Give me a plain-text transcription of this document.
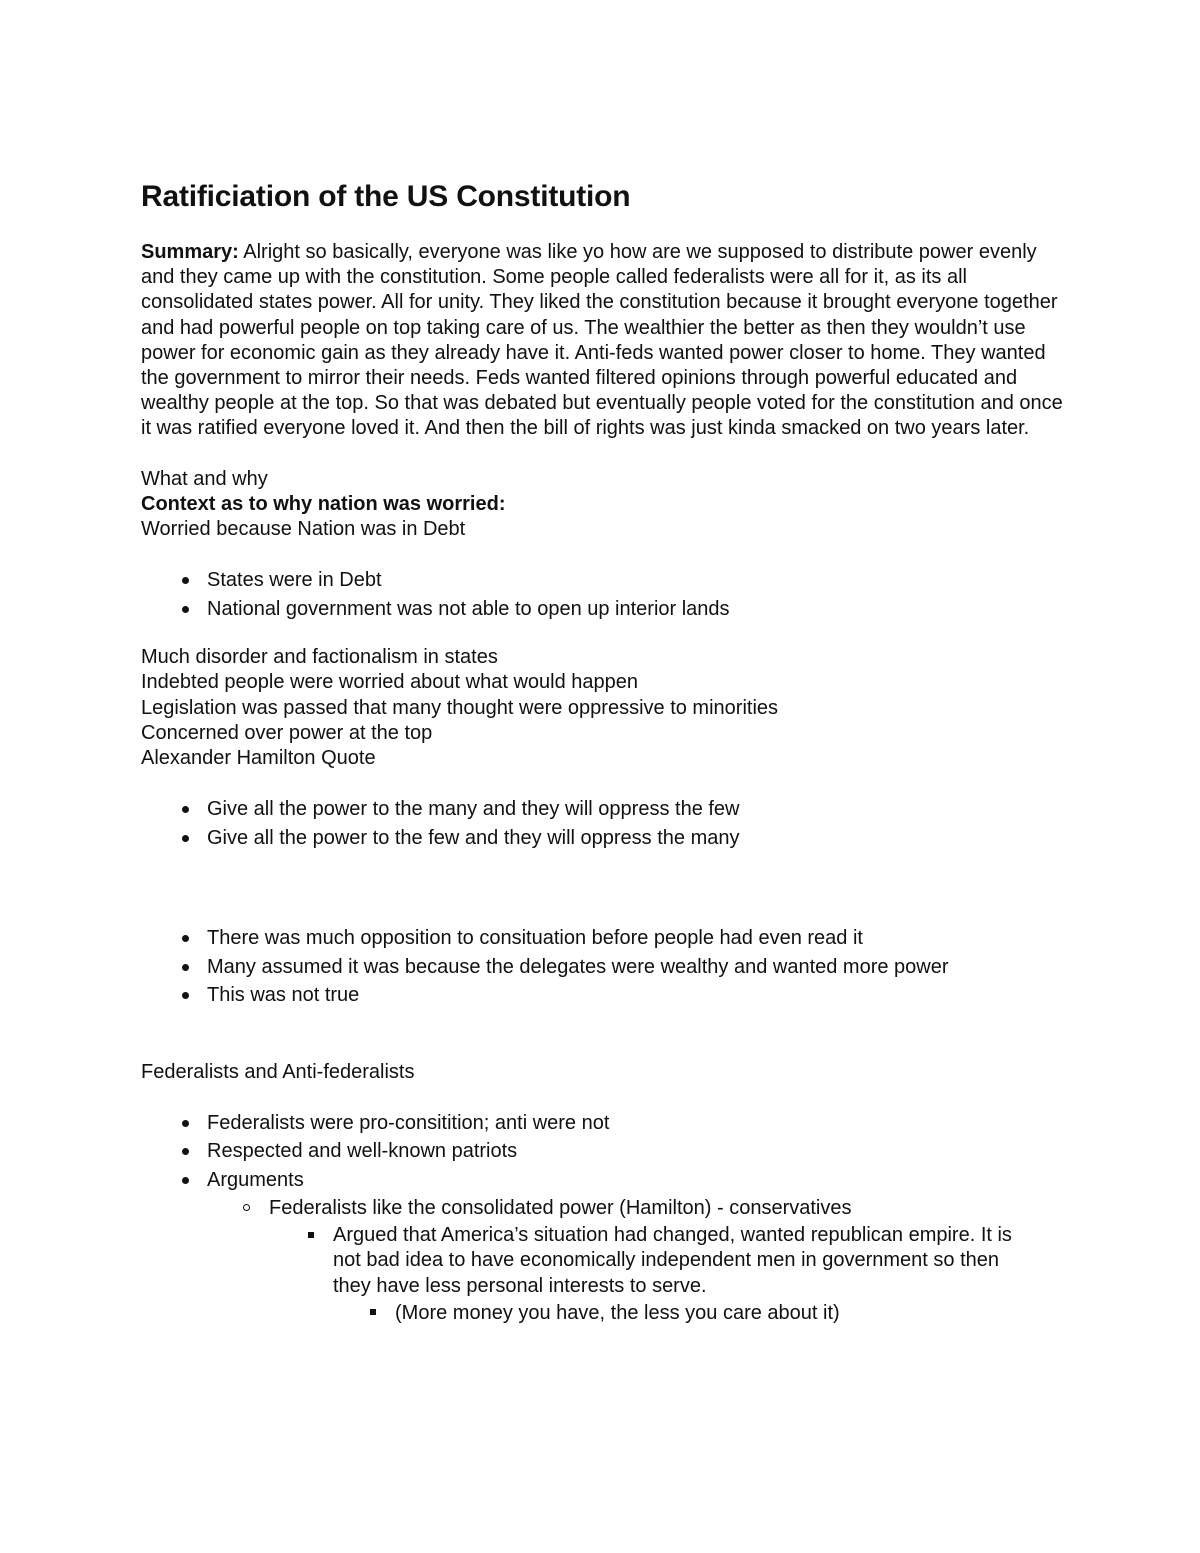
Ratificiation of the US Constitution

Summary: Alright so basically, everyone was like yo how are we supposed to distribute power evenly and they came up with the constitution. Some people called federalists were all for it, as its all consolidated states power. All for unity. They liked the constitution because it brought everyone together and had powerful people on top taking care of us. The wealthier the better as then they wouldn’t use power for economic gain as they already have it. Anti-feds wanted power closer to home. They wanted the government to mirror their needs. Feds wanted filtered opinions through powerful educated and wealthy people at the top. So that was debated but eventually people voted for the constitution and once it was ratified everyone loved it. And then the bill of rights was just kinda smacked on two years later.

What and why

Context as to why nation was worried:

Worried because Nation was in Debt

States were in Debt
National government was not able to open up interior lands

Much disorder and factionalism in states

Indebted people were worried about what would happen

Legislation was passed that many thought were oppressive to minorities

Concerned over power at the top

Alexander Hamilton Quote

Give all the power to the many and they will oppress the few
Give all the power to the few and they will oppress the many
There was much opposition to consituation before people had even read it
Many assumed it was because the delegates were wealthy and wanted more power
This was not true

Federalists and Anti-federalists

Federalists were pro-consitition; anti were not
Respected and well-known patriots
Arguments
Federalists like the consolidated power (Hamilton) - conservatives
Argued that America’s situation had changed, wanted republican empire. It is not bad idea to have economically independent men in government so then they have less personal interests to serve.
(More money you have, the less you care about it)
